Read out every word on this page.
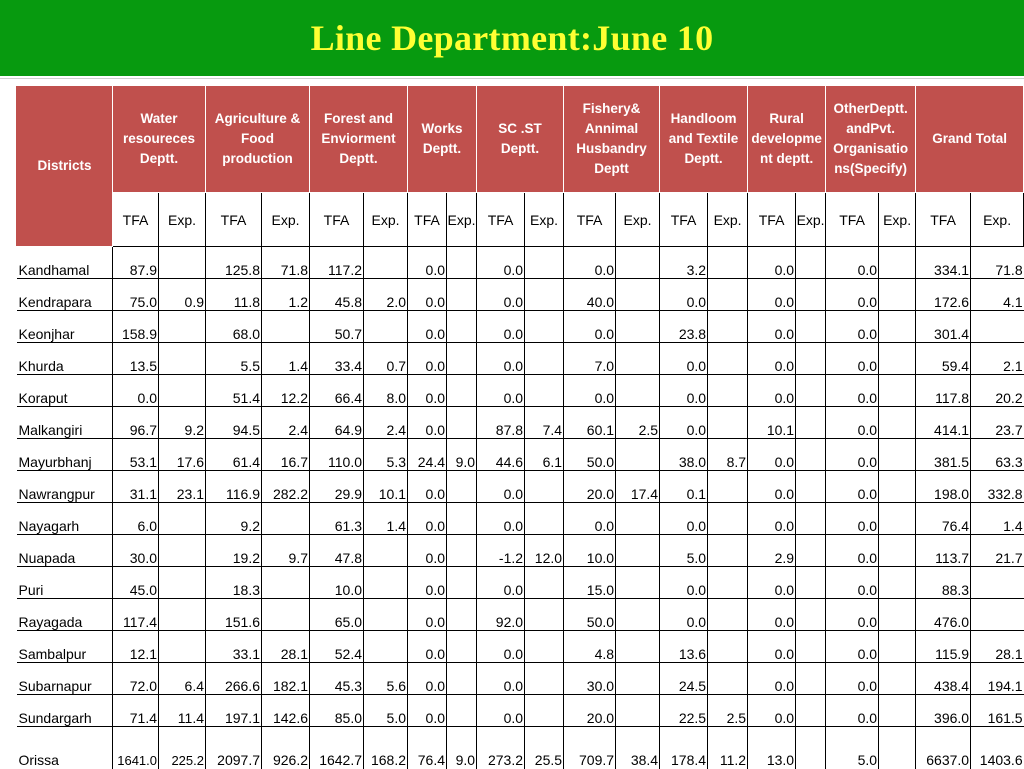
Line Department:June 10
Districts	Water resoureces Deptt.		Agriculture & Food production		Forest and Enviorment Deptt.		Works Deptt.		SC .ST Deptt.		Fishery& Annimal Husbandry Deptt		Handloom and Textile Deptt.		Rural developme nt deptt.		OtherDeptt. andPvt. Organisatio ns(Specify)		Grand Total	
	TFA	Exp.	TFA	Exp.	TFA	Exp.	TFA	Exp.	TFA	Exp.	TFA	Exp.	TFA	Exp.	TFA	Exp.	TFA	Exp.	TFA	Exp.
Kandhamal	87.9		125.8	71.8	117.2		0.0		0.0		0.0		3.2		0.0		0.0		334.1	71.8
Kendrapara	75.0	0.9	11.8	1.2	45.8	2.0	0.0		0.0		40.0		0.0		0.0		0.0		172.6	4.1
Keonjhar	158.9		68.0		50.7		0.0		0.0		0.0		23.8		0.0		0.0		301.4	
Khurda	13.5		5.5	1.4	33.4	0.7	0.0		0.0		7.0		0.0		0.0		0.0		59.4	2.1
Koraput	0.0		51.4	12.2	66.4	8.0	0.0		0.0		0.0		0.0		0.0		0.0		117.8	20.2
Malkangiri	96.7	9.2	94.5	2.4	64.9	2.4	0.0		87.8	7.4	60.1	2.5	0.0		10.1		0.0		414.1	23.7
Mayurbhanj	53.1	17.6	61.4	16.7	110.0	5.3	24.4	9.0	44.6	6.1	50.0		38.0	8.7	0.0		0.0		381.5	63.3
Nawrangpur	31.1	23.1	116.9	282.2	29.9	10.1	0.0		0.0		20.0	17.4	0.1		0.0		0.0		198.0	332.8
Nayagarh	6.0		9.2		61.3	1.4	0.0		0.0		0.0		0.0		0.0		0.0		76.4	1.4
Nuapada	30.0		19.2	9.7	47.8		0.0		-1.2	12.0	10.0		5.0		2.9		0.0		113.7	21.7
Puri	45.0		18.3		10.0		0.0		0.0		15.0		0.0		0.0		0.0		88.3	
Rayagada	117.4		151.6		65.0		0.0		92.0		50.0		0.0		0.0		0.0		476.0	
Sambalpur	12.1		33.1	28.1	52.4		0.0		0.0		4.8		13.6		0.0		0.0		115.9	28.1
Subarnapur	72.0	6.4	266.6	182.1	45.3	5.6	0.0		0.0		30.0		24.5		0.0		0.0		438.4	194.1
Sundargarh	71.4	11.4	197.1	142.6	85.0	5.0	0.0		0.0		20.0		22.5	2.5	0.0		0.0		396.0	161.5
Orissa	1641.0	225.2	2097.7	926.2	1642.7	168.2	76.4	9.0	273.2	25.5	709.7	38.4	178.4	11.2	13.0		5.0		6637.0	1403.6
